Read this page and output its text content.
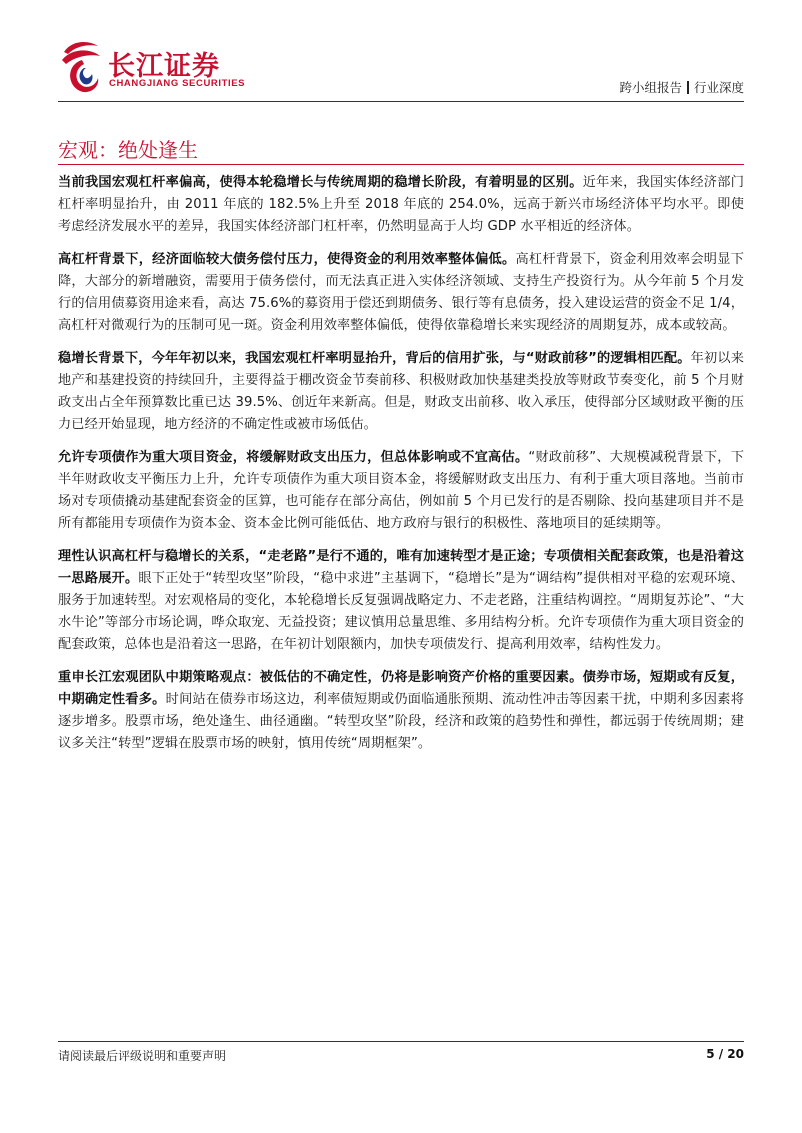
长江证券
CHANGJIANG SECURITIES	跨小组报告 行业深度
宏观：绝处逢生

当前我国宏观杠杆率偏高，使得本轮稳增长与传统周期的稳增长阶段，有着明显的区别。近年来，我国实体经济部门杠杆率明显抬升，由 2011 年底的 182.5%上升至 2018 年底的 254.0%，远高于新兴市场经济体平均水平。即使考虑经济发展水平的差异，我国实体经济部门杠杆率，仍然明显高于人均 GDP 水平相近的经济体。

高杠杆背景下，经济面临较大债务偿付压力，使得资金的利用效率整体偏低。高杠杆背景下，资金利用效率会明显下降，大部分的新增融资，需要用于债务偿付，而无法真正进入实体经济领域、支持生产投资行为。从今年前 5 个月发行的信用债募资用途来看，高达 75.6%的募资用于偿还到期债务、银行等有息债务，投入建设运营的资金不足 1/4，高杠杆对微观行为的压制可见一斑。资金利用效率整体偏低，使得依靠稳增长来实现经济的周期复苏，成本或较高。

稳增长背景下，今年年初以来，我国宏观杠杆率明显抬升，背后的信用扩张，与“财政前移”的逻辑相匹配。年初以来地产和基建投资的持续回升，主要得益于棚改资金节奏前移、积极财政加快基建类投放等财政节奏变化，前 5 个月财政支出占全年预算数比重已达 39.5%、创近年来新高。但是，财政支出前移、收入承压，使得部分区域财政平衡的压力已经开始显现，地方经济的不确定性或被市场低估。

允许专项债作为重大项目资金，将缓解财政支出压力，但总体影响或不宜高估。“财政前移”、大规模减税背景下，下半年财政收支平衡压力上升，允许专项债作为重大项目资本金，将缓解财政支出压力、有利于重大项目落地。当前市场对专项债撬动基建配套资金的匡算，也可能存在部分高估，例如前 5 个月已发行的是否剔除、投向基建项目并不是所有都能用专项债作为资本金、资本金比例可能低估、地方政府与银行的积极性、落地项目的延续期等。

理性认识高杠杆与稳增长的关系，“走老路”是行不通的，唯有加速转型才是正途；专项债相关配套政策，也是沿着这一思路展开。眼下正处于“转型攻坚”阶段，“稳中求进”主基调下，“稳增长”是为“调结构”提供相对平稳的宏观环境、服务于加速转型。对宏观格局的变化，本轮稳增长反复强调战略定力、不走老路，注重结构调控。“周期复苏论”、“大水牛论”等部分市场论调，哗众取宠、无益投资；建议慎用总量思维、多用结构分析。允许专项债作为重大项目资金的配套政策，总体也是沿着这一思路，在年初计划限额内，加快专项债发行、提高利用效率，结构性发力。

重申长江宏观团队中期策略观点：被低估的不确定性，仍将是影响资产价格的重要因素。债券市场，短期或有反复，中期确定性看多。时间站在债券市场这边，利率债短期或仍面临通胀预期、流动性冲击等因素干扰，中期利多因素将逐步增多。股票市场，绝处逢生、曲径通幽。“转型攻坚”阶段，经济和政策的趋势性和弹性，都远弱于传统周期；建议多关注“转型”逻辑在股票市场的映射，慎用传统“周期框架”。

请阅读最后评级说明和重要声明	5 / 20
